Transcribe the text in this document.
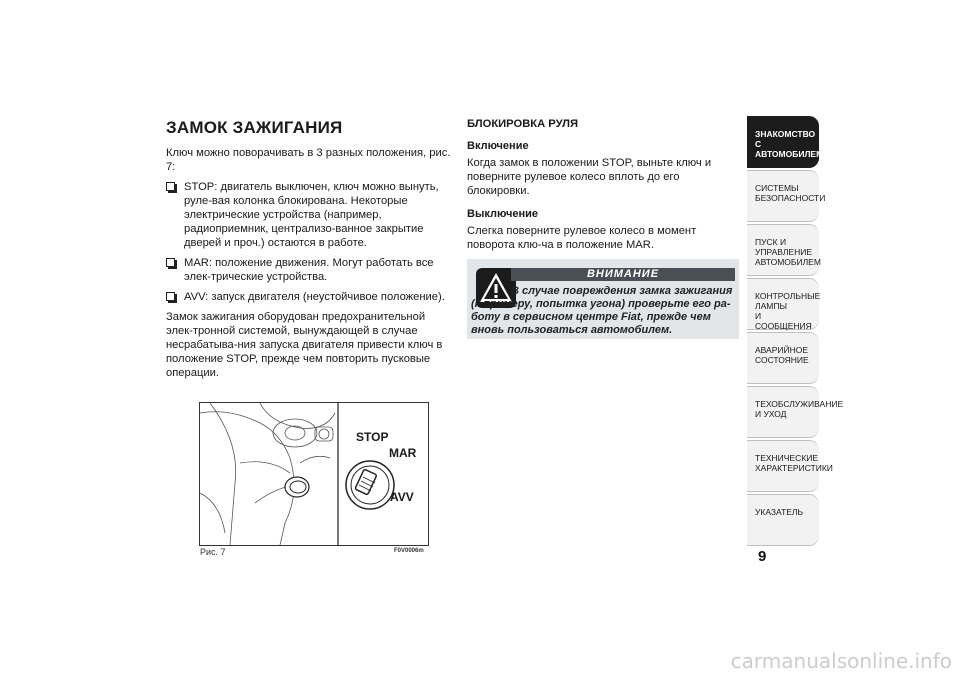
ЗАМОК ЗАЖИГАНИЯ

Ключ можно поворачивать в 3 разных положения, рис. 7:

STOP: двигатель выключен, ключ можно вынуть, руле-вая колонка блокирована. Некоторые электрические устройства (например, радиоприемник, централизо-ванное закрытие дверей и проч.) остаются в работе.
MAR: положение движения. Могут работать все элек-трические устройства.
AVV: запуск двигателя (неустойчивое положение).

Замок зажигания оборудован предохранительной элек-тронной системой, вынуждающей в случае несрабатыва-ния запуска двигателя привести ключ в положение STOP, прежде чем повторить пусковые операции.

БЛОКИРОВКА РУЛЯ
Включение

Когда замок в положении STOP, выньте ключ и поверните рулевое колесо вплоть до его блокировки.

Выключение

Слегка поверните рулевое колесо в момент поворота клю-ча в положение MAR.

ВНИМАНИЕ
В случае повреждения замка зажигания (к примеру, попытка угона) проверьте его ра-боту в сервисном центре Fiat, прежде чем вновь пользоваться автомобилем.
STOP
MAR
AVV
Рис. 7	F0V0006m
ЗНАКОМСТВО С
АВТОМОБИЛЕМ
СИСТЕМЫ
БЕЗОПАСНОСТИ
ПУСК И УПРАВЛЕНИЕ
АВТОМОБИЛЕМ
КОНТРОЛЬНЫЕ
ЛАМПЫ
И СООБЩЕНИЯ
АВАРИЙНОЕ
СОСТОЯНИЕ
ТЕХОБСЛУЖИВАНИЕ
И УХОД
ТЕХНИЧЕСКИЕ
ХАРАКТЕРИСТИКИ
УКАЗАТЕЛЬ
9
carmanualsonline.info
